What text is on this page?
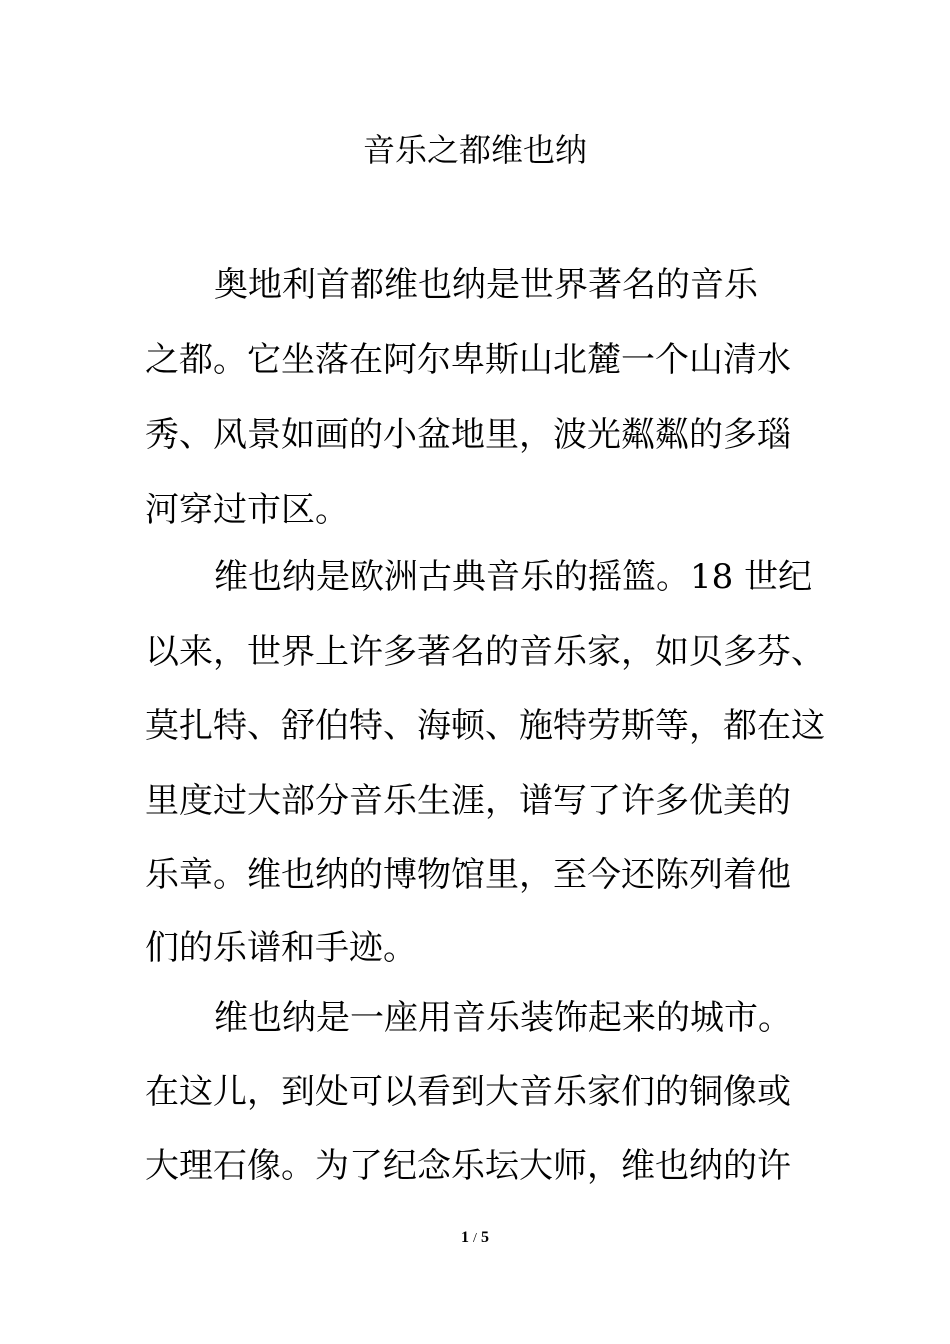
音乐之都维也纳

奥地利首都维也纳是世界著名的音乐

之都。它坐落在阿尔卑斯山北麓一个山清水

秀、风景如画的小盆地里，波光粼粼的多瑙

河穿过市区。

维也纳是欧洲古典音乐的摇篮。18 世纪

以来，世界上许多著名的音乐家，如贝多芬、

莫扎特、舒伯特、海顿、施特劳斯等，都在这

里度过大部分音乐生涯，谱写了许多优美的

乐章。维也纳的博物馆里，至今还陈列着他

们的乐谱和手迹。

维也纳是一座用音乐装饰起来的城市。

在这儿，到处可以看到大音乐家们的铜像或

大理石像。为了纪念乐坛大师，维也纳的许

1 / 5
